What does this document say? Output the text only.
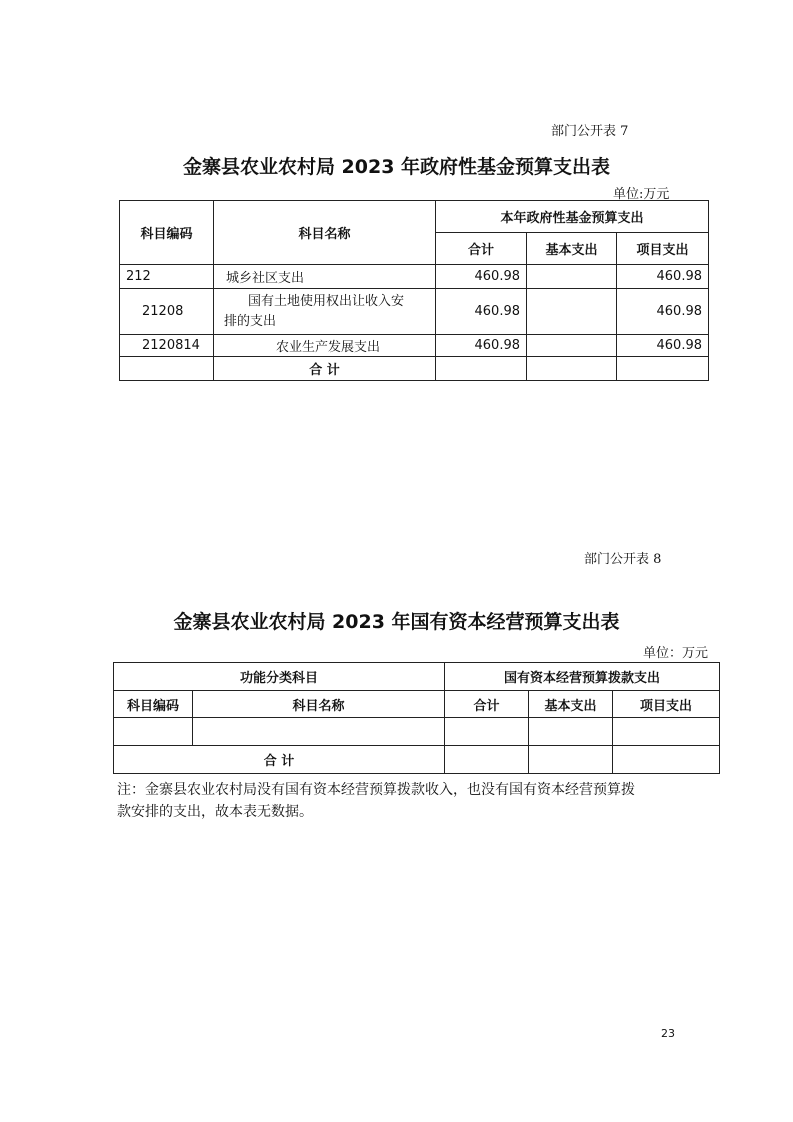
部门公开表 7
金寨县农业农村局 2023 年政府性基金预算支出表
单位:万元
科目编码	科目名称	本年政府性基金预算支出		
		合计	基本支出	项目支出
212	城乡社区支出	460.98		460.98
21208	国有土地使用权出让收入安
排的支出	460.98		460.98
2120814	农业生产发展支出	460.98		460.98
	合 计			
部门公开表 8
金寨县农业农村局 2023 年国有资本经营预算支出表
单位：万元
功能分类科目		国有资本经营预算拨款支出		
科目编码	科目名称	合计	基本支出	项目支出

合 计				
注：金寨县农业农村局没有国有资本经营预算拨款收入，也没有国有资本经营预算拨
款安排的支出，故本表无数据。
23
